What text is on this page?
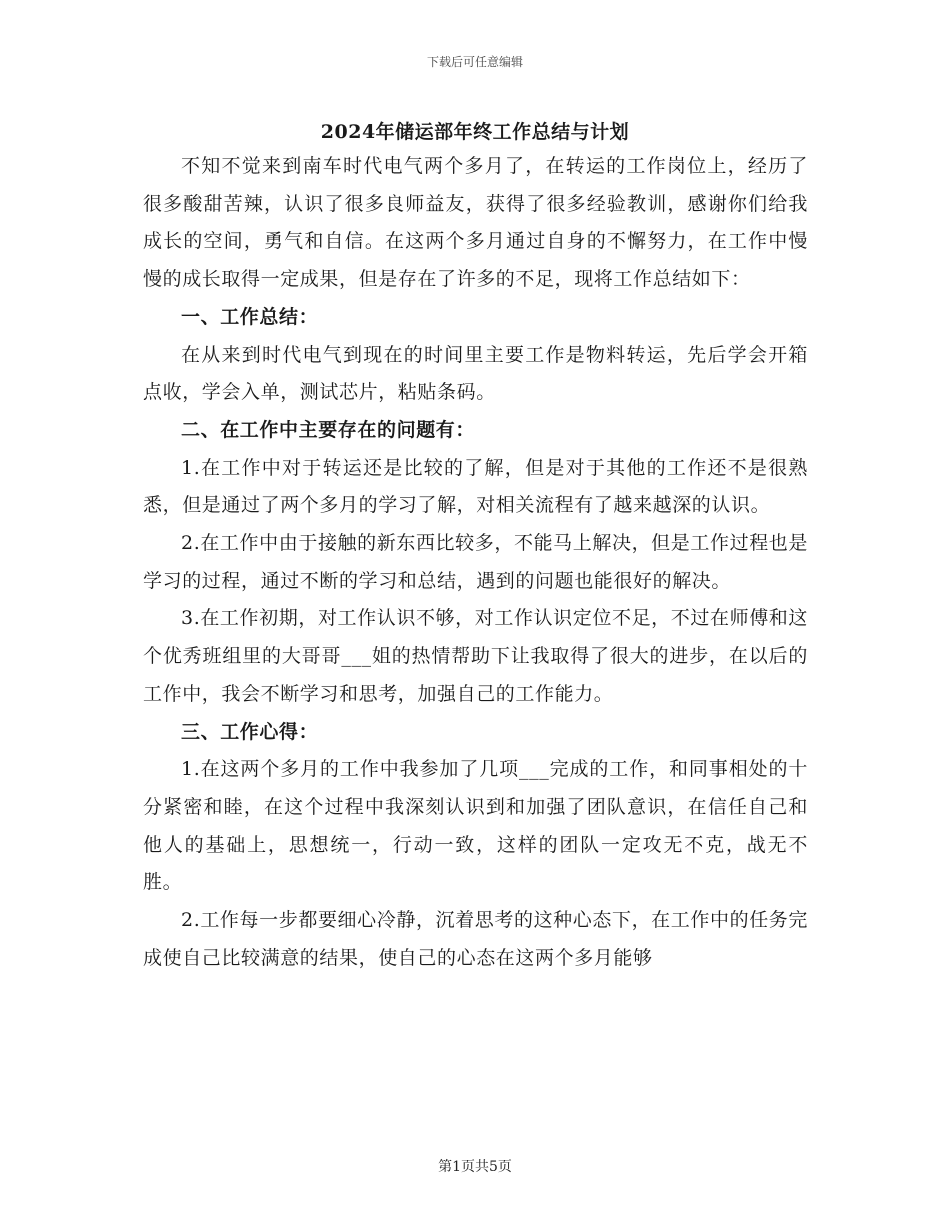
下载后可任意编辑
2024年储运部年终工作总结与计划

不知不觉来到南车时代电气两个多月了，在转运的工作岗位上，经历了很多酸甜苦辣，认识了很多良师益友，获得了很多经验教训，感谢你们给我成长的空间，勇气和自信。在这两个多月通过自身的不懈努力，在工作中慢慢的成长取得一定成果，但是存在了许多的不足，现将工作总结如下：

一、工作总结：

在从来到时代电气到现在的时间里主要工作是物料转运，先后学会开箱点收，学会入单，测试芯片，粘贴条码。

二、在工作中主要存在的问题有：

1.在工作中对于转运还是比较的了解，但是对于其他的工作还不是很熟悉，但是通过了两个多月的学习了解，对相关流程有了越来越深的认识。

2.在工作中由于接触的新东西比较多，不能马上解决，但是工作过程也是学习的过程，通过不断的学习和总结，遇到的问题也能很好的解决。

3.在工作初期，对工作认识不够，对工作认识定位不足，不过在师傅和这个优秀班组里的大哥哥___姐的热情帮助下让我取得了很大的进步，在以后的工作中，我会不断学习和思考，加强自己的工作能力。

三、工作心得：

1.在这两个多月的工作中我参加了几项___完成的工作，和同事相处的十分紧密和睦，在这个过程中我深刻认识到和加强了团队意识，在信任自己和他人的基础上，思想统一，行动一致，这样的团队一定攻无不克，战无不胜。

2.工作每一步都要细心冷静，沉着思考的这种心态下，在工作中的任务完成使自己比较满意的结果，使自己的心态在这两个多月能够

第1页共5页
